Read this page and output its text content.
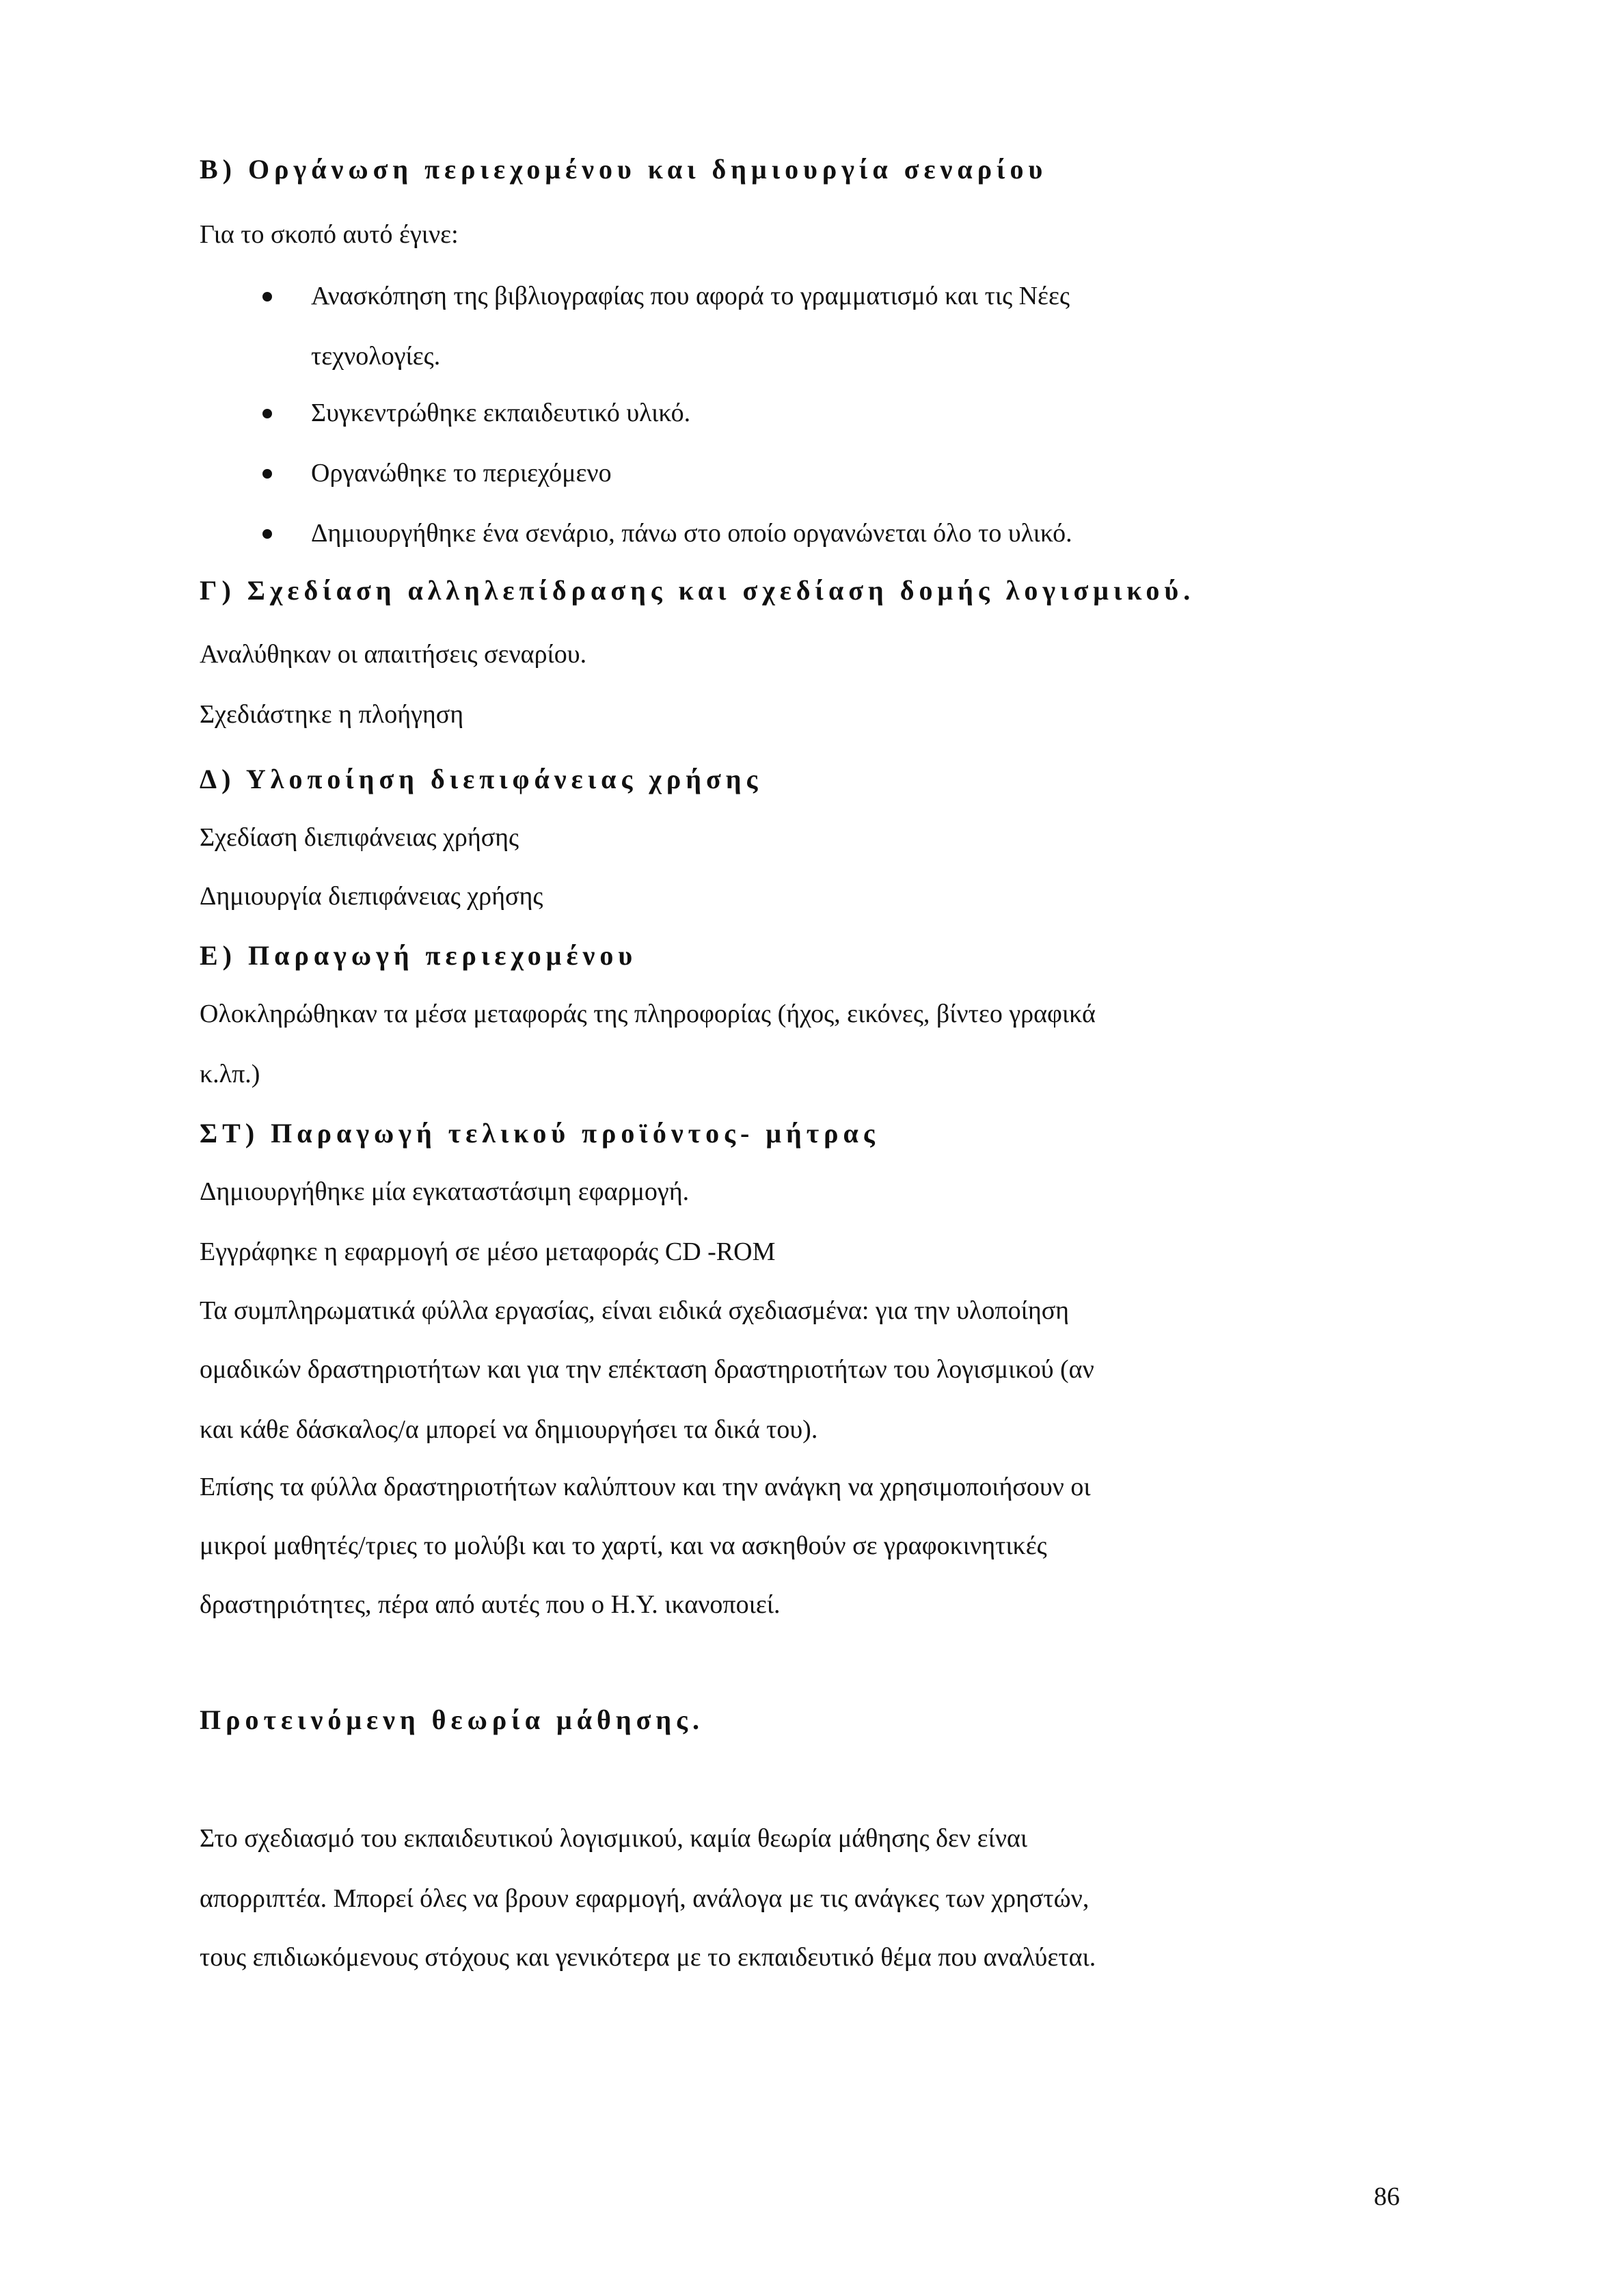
Β) Οργάνωση περιεχομένου και δημιουργία σεναρίου
Για το σκοπό αυτό έγινε:
Ανασκόπηση της βιβλιογραφίας που αφορά το γραμματισμό και τις Νέες
τεχνολογίες.
Συγκεντρώθηκε εκπαιδευτικό υλικό.
Οργανώθηκε το περιεχόμενο
Δημιουργήθηκε ένα σενάριο, πάνω στο οποίο οργανώνεται όλο το υλικό.
Γ) Σχεδίαση αλληλεπίδρασης και σχεδίαση δομής λογισμικού.
Αναλύθηκαν οι απαιτήσεις σεναρίου.
Σχεδιάστηκε η πλοήγηση
Δ) Υλοποίηση διεπιφάνειας χρήσης
Σχεδίαση διεπιφάνειας χρήσης
Δημιουργία διεπιφάνειας χρήσης
Ε) Παραγωγή περιεχομένου
Ολοκληρώθηκαν τα μέσα μεταφοράς της πληροφορίας (ήχος, εικόνες, βίντεο γραφικά
κ.λπ.)
ΣΤ) Παραγωγή τελικού προϊόντος- μήτρας
Δημιουργήθηκε μία εγκαταστάσιμη εφαρμογή.
Εγγράφηκε η εφαρμογή σε μέσο μεταφοράς CD -ROM
Τα συμπληρωματικά φύλλα εργασίας, είναι ειδικά σχεδιασμένα: για την υλοποίηση
ομαδικών δραστηριοτήτων και για την επέκταση δραστηριοτήτων του λογισμικού (αν
και κάθε δάσκαλος/α μπορεί να δημιουργήσει τα δικά του).
Επίσης τα φύλλα δραστηριοτήτων καλύπτουν και την ανάγκη να χρησιμοποιήσουν οι
μικροί μαθητές/τριες το μολύβι και το χαρτί, και να ασκηθούν σε γραφοκινητικές
δραστηριότητες, πέρα από αυτές που ο Η.Υ. ικανοποιεί.
Προτεινόμενη θεωρία μάθησης.
Στο σχεδιασμό του εκπαιδευτικού λογισμικού, καμία θεωρία μάθησης δεν είναι
απορριπτέα. Μπορεί όλες να βρουν εφαρμογή, ανάλογα με τις ανάγκες των χρηστών,
τους επιδιωκόμενους στόχους και γενικότερα με το εκπαιδευτικό θέμα που αναλύεται.
86
